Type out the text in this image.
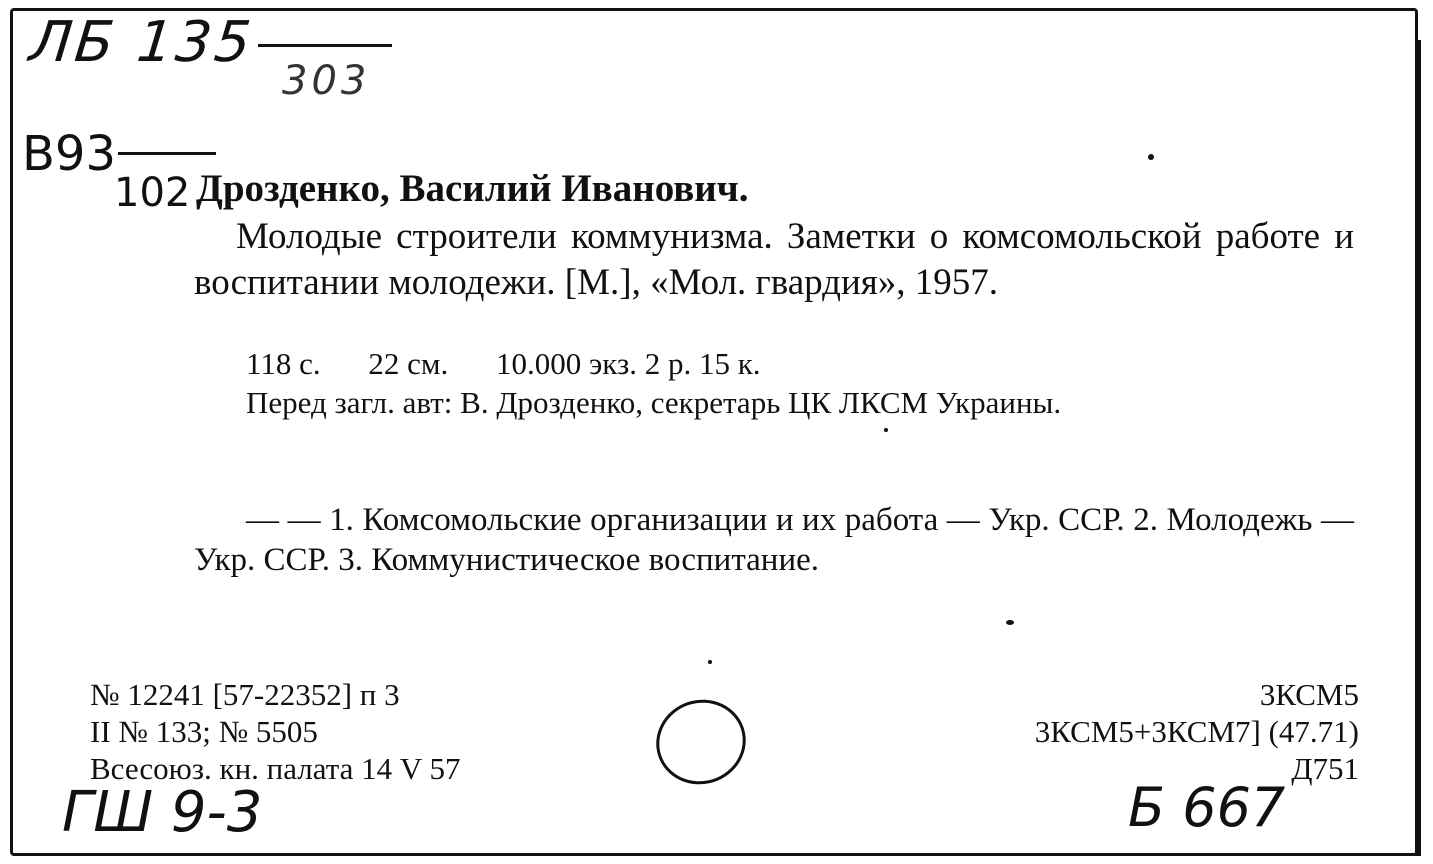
ЛБ 135
303
В93
102 Дрозденко, Василий Иванович.
Молодые строители коммунизма. Заметки о комсомольской работе и воспитании молодежи. [М.], «Мол. гвардия», 1957.
118 с. 22 см. 10.000 экз. 2 р. 15 к.
Перед загл. авт: В. Дрозденко, секретарь ЦК ЛКСМ Украины.
— — 1. Комсомольские организации и их работа — Укр. ССР. 2. Молодежь — Укр. ССР. 3. Коммунистическое воспитание.
№ 12241 [57-22352] п 3
II № 133; № 5505
Всесоюз. кн. палата 14 V 57
3КСМ5
3КСМ5+3КСМ7] (47.71)
Д751
ГШ 9-3	Б 667
